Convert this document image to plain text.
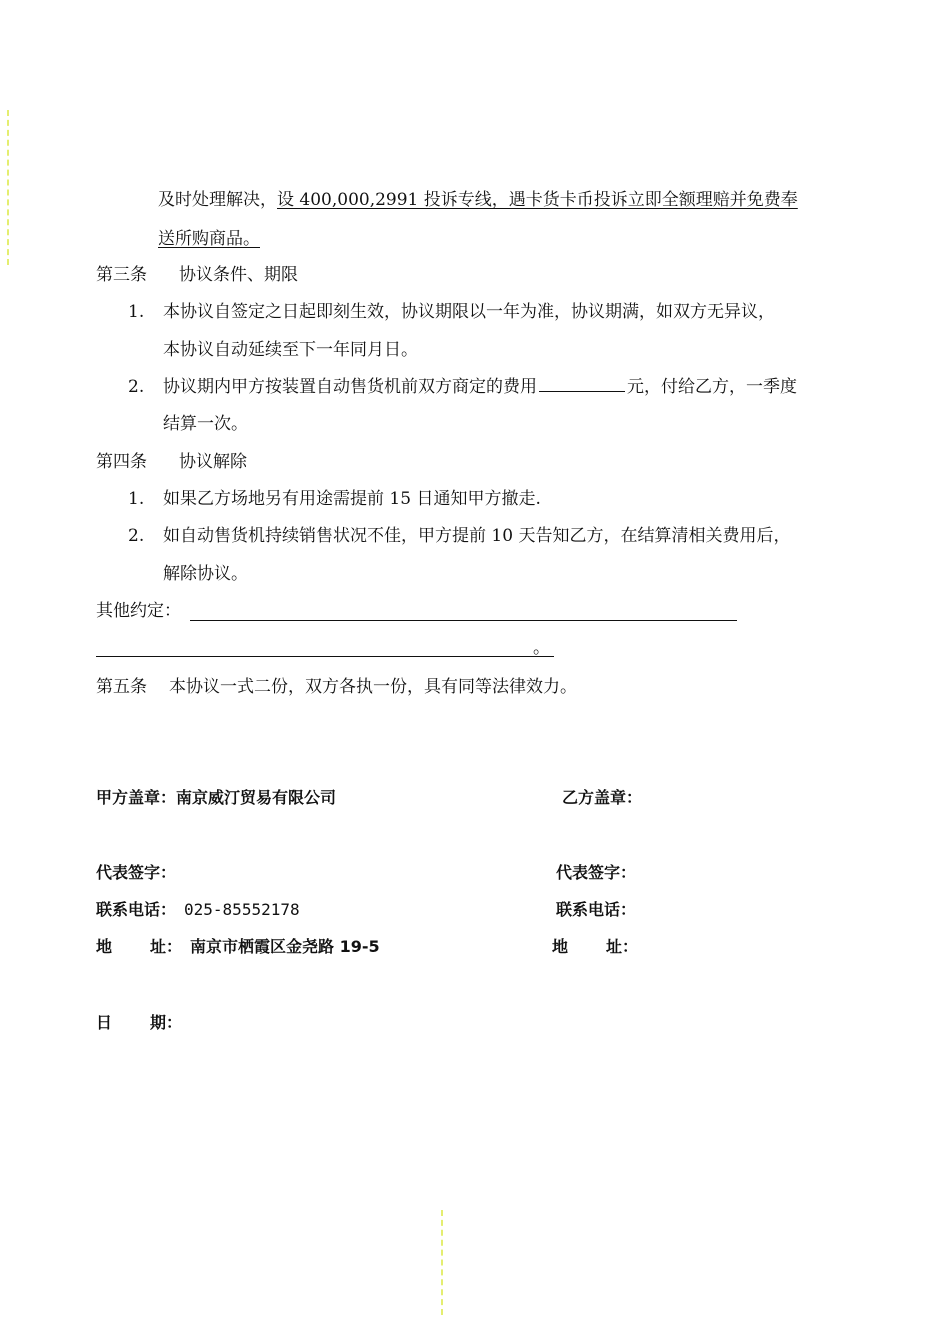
及时处理解决，设 400,000,2991 投诉专线，遇卡货卡币投诉立即全额理赔并免费奉
送所购商品。
第三条 协议条件、期限
1. 本协议自签定之日起即刻生效，协议期限以一年为准，协议期满，如双方无异议，
本协议自动延续至下一年同月日。
2. 协议期内甲方按装置自动售货机前双方商定的费用	元，付给乙方，一季度
结算一次。
第四条 协议解除
1. 如果乙方场地另有用途需提前 15 日通知甲方撤走.
2. 如自动售货机持续销售状况不佳，甲方提前 10 天告知乙方，在结算清相关费用后，
解除协议。
其他约定：
。
第五条 本协议一式二份，双方各执一份，具有同等法律效力。
甲方盖章：南京威汀贸易有限公司	乙方盖章：
代表签字：	代表签字：
联系电话： 025-85552178	联系电话：
地 址： 南京市栖霞区金尧路 19-5	地 址：
日 期：
